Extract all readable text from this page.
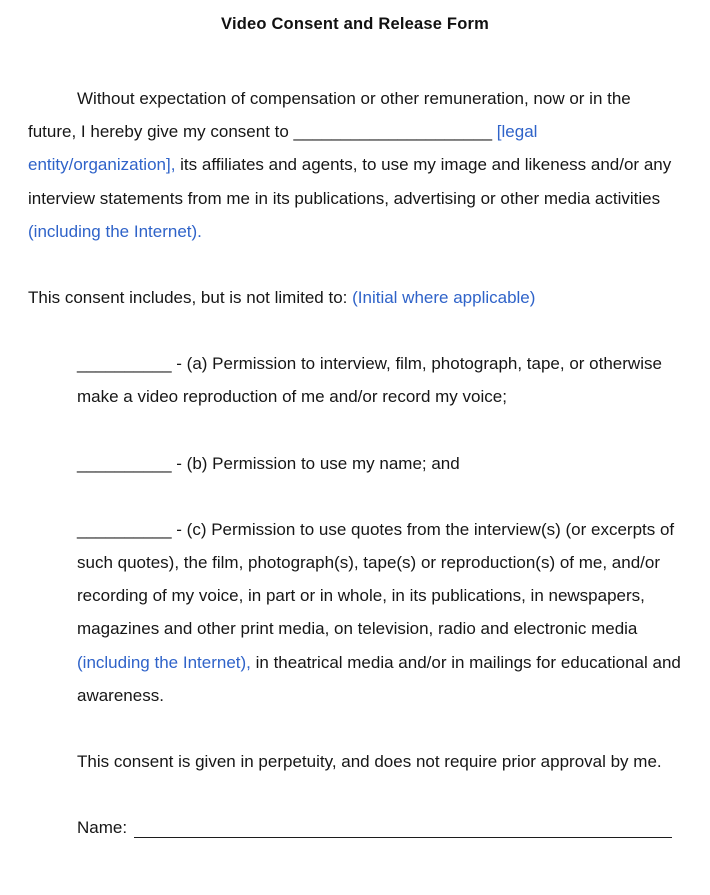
Video Consent and Release Form

Without expectation of compensation or other remuneration, now or in the future, I hereby give my consent to _____________________ [legal entity/organization], its affiliates and agents, to use my image and likeness and/or any interview statements from me in its publications, advertising or other media activities (including the Internet).

This consent includes, but is not limited to: (Initial where applicable)

__________ - (a) Permission to interview, film, photograph, tape, or otherwise make a video reproduction of me and/or record my voice;

__________ - (b) Permission to use my name; and

__________ - (c) Permission to use quotes from the interview(s) (or excerpts of such quotes), the film, photograph(s), tape(s) or reproduction(s) of me, and/or recording of my voice, in part or in whole, in its publications, in newspapers, magazines and other print media, on television, radio and electronic media (including the Internet), in theatrical media and/or in mailings for educational and awareness.

This consent is given in perpetuity, and does not require prior approval by me.

Name:
